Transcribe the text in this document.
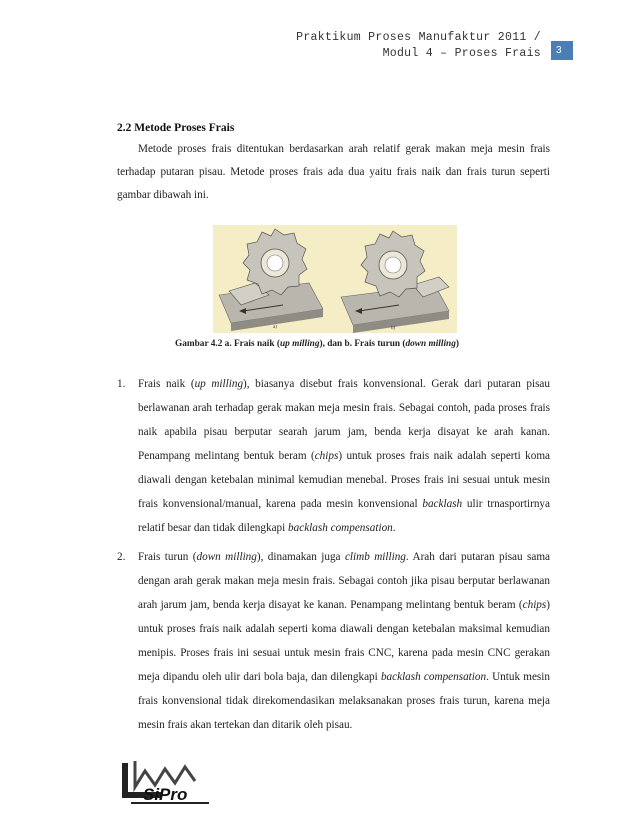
Praktikum Proses Manufaktur 2011 /
Modul 4 – Proses Frais	3
2.2 Metode Proses Frais

Metode proses frais ditentukan berdasarkan arah relatif gerak makan meja mesin frais terhadap putaran pisau. Metode proses frais ada dua yaitu frais naik dan frais turun seperti gambar dibawah ini.

a)	b)
Gambar 4.2 a. Frais naik (up milling), dan b. Frais turun (down milling)
1. Frais naik (up milling), biasanya disebut frais konvensional. Gerak dari putaran pisau berlawanan arah terhadap gerak makan meja mesin frais. Sebagai contoh, pada proses frais naik apabila pisau berputar searah jarum jam, benda kerja disayat ke arah kanan. Penampang melintang bentuk beram (chips) untuk proses frais naik adalah seperti koma diawali dengan ketebalan minimal kemudian menebal. Proses frais ini sesuai untuk mesin frais konvensional/manual, karena pada mesin konvensional backlash ulir trnasportirnya relatif besar dan tidak dilengkapi backlash compensation.
2. Frais turun (down milling), dinamakan juga climb milling. Arah dari putaran pisau sama dengan arah gerak makan meja mesin frais. Sebagai contoh jika pisau berputar berlawanan arah jarum jam, benda kerja disayat ke kanan. Penampang melintang bentuk beram (chips) untuk proses frais naik adalah seperti koma diawali dengan ketebalan maksimal kemudian menipis. Proses frais ini sesuai untuk mesin frais CNC, karena pada mesin CNC gerakan meja dipandu oleh ulir dari bola baja, dan dilengkapi backlash compensation. Untuk mesin frais konvensional tidak direkomendasikan melaksanakan proses frais turun, karena meja mesin frais akan tertekan dan ditarik oleh pisau.
SiPro
